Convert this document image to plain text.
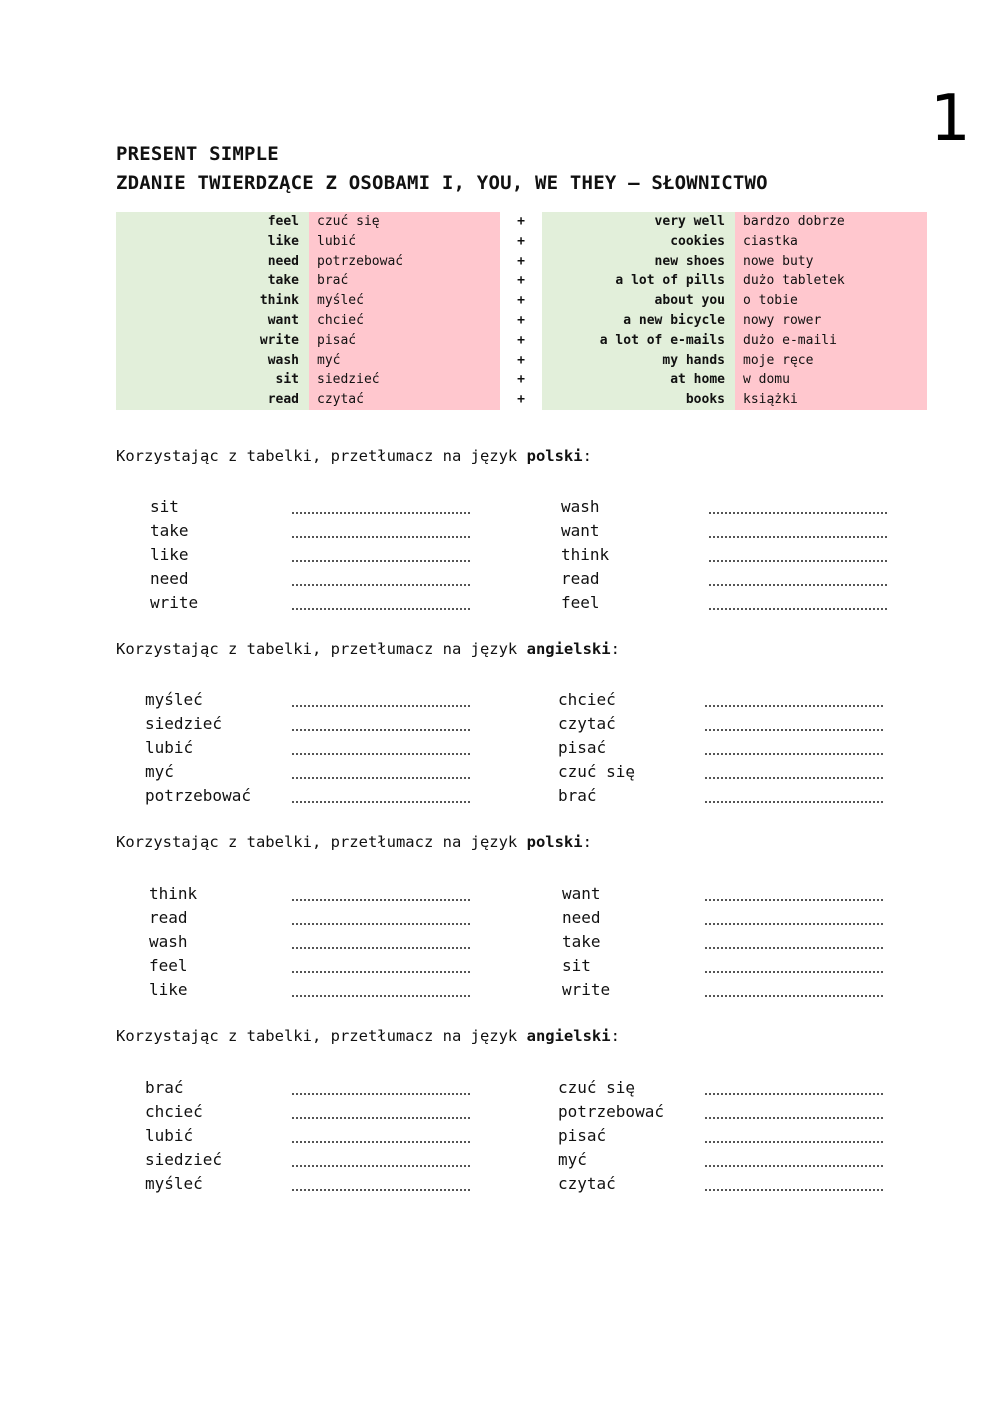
1
PRESENT SIMPLE
ZDANIE TWIERDZĄCE Z OSOBAMI I, YOU, WE THEY – SŁOWNICTWO
feel
like
need
take
think
want
write
wash
sit
read
czuć się
lubić
potrzebować
brać
myśleć
chcieć
pisać
myć
siedzieć
czytać
+
+
+
+
+
+
+
+
+
+
very well
cookies
new shoes
a lot of pills
about you
a new bicycle
a lot of e-mails
my hands
at home
books
bardzo dobrze
ciastka
nowe buty
dużo tabletek
o tobie
nowy rower
dużo e-maili
moje ręce
w domu
książki
Korzystając z tabelki, przetłumacz na język polski:
sit
take
like
need
write
wash
want
think
read
feel
Korzystając z tabelki, przetłumacz na język angielski:
myśleć
siedzieć
lubić
myć
potrzebować
chcieć
czytać
pisać
czuć się
brać
Korzystając z tabelki, przetłumacz na język polski:
think
read
wash
feel
like
want
need
take
sit
write
Korzystając z tabelki, przetłumacz na język angielski:
brać
chcieć
lubić
siedzieć
myśleć
czuć się
potrzebować
pisać
myć
czytać
